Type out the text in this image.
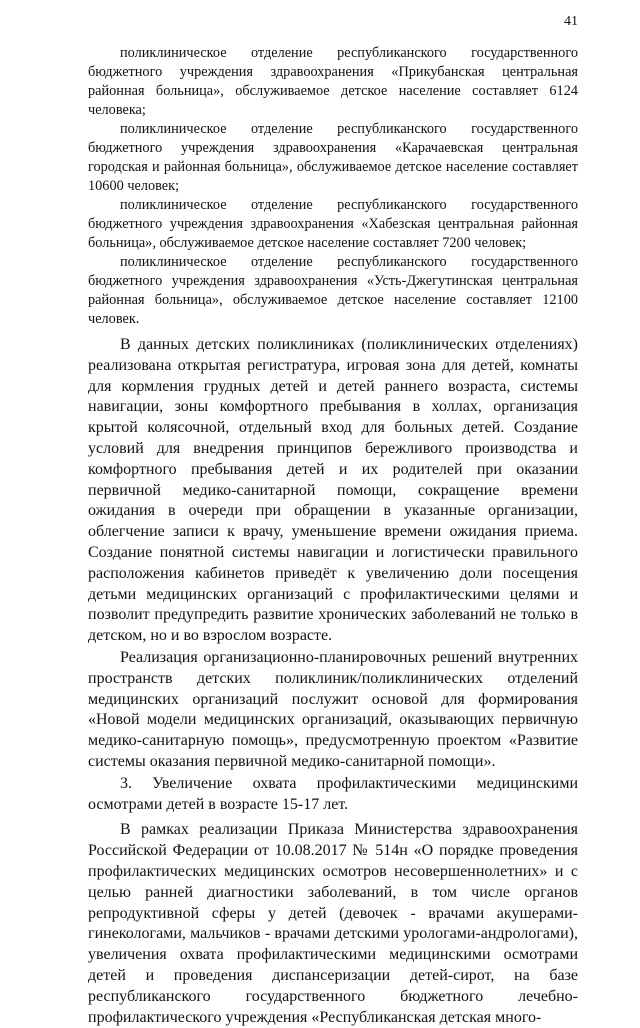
41

поликлиническое отделение республиканского государственного бюджетного учреждения здравоохранения «Прикубанская центральная районная больница», обслуживаемое детское население составляет 6124 человека;

поликлиническое отделение республиканского государственного бюджетного учреждения здравоохранения «Карачаевская центральная городская и районная больница», обслуживаемое детское население составляет 10600 человек;

поликлиническое отделение республиканского государственного бюджетного учреждения здравоохранения «Хабезская центральная районная больница», обслуживаемое детское население составляет 7200 человек;

поликлиническое отделение республиканского государственного бюджетного учреждения здравоохранения «Усть-Джегутинская центральная районная больница», обслуживаемое детское население составляет 12100 человек.

В данных детских поликлиниках (поликлинических отделениях) реализована открытая регистратура, игровая зона для детей, комнаты для кормления грудных детей и детей раннего возраста, системы навигации, зоны комфортного пребывания в холлах, организация крытой колясочной, отдельный вход для больных детей. Создание условий для внедрения принципов бережливого производства и комфортного пребывания детей и их родителей при оказании первичной медико-санитарной помощи, сокращение времени ожидания в очереди при обращении в указанные организации, облегчение записи к врачу, уменьшение времени ожидания приема. Создание понятной системы навигации и логистически правильного расположения кабинетов приведёт к увеличению доли посещения детьми медицинских организаций с профилактическими целями и позволит предупредить развитие хронических заболеваний не только в детском, но и во взрослом возрасте.

Реализация организационно-планировочных решений внутренних пространств детских поликлиник/поликлинических отделений медицинских организаций послужит основой для формирования «Новой модели медицинских организаций, оказывающих первичную медико-санитарную помощь», предусмотренную проектом «Развитие системы оказания первичной медико-санитарной помощи».

3. Увеличение охвата профилактическими медицинскими осмотрами детей в возрасте 15-17 лет.

В рамках реализации Приказа Министерства здравоохранения Российской Федерации от 10.08.2017 № 514н «О порядке проведения профилактических медицинских осмотров несовершеннолетних» и с целью ранней диагностики заболеваний, в том числе органов репродуктивной сферы у детей (девочек - врачами акушерами-гинекологами, мальчиков - врачами детскими урологами-андрологами), увеличения охвата профилактическими медицинскими осмотрами детей и проведения диспансеризации детей-сирот, на базе республиканского государственного бюджетного лечебно-профилактического учреждения «Республиканская детская много-
